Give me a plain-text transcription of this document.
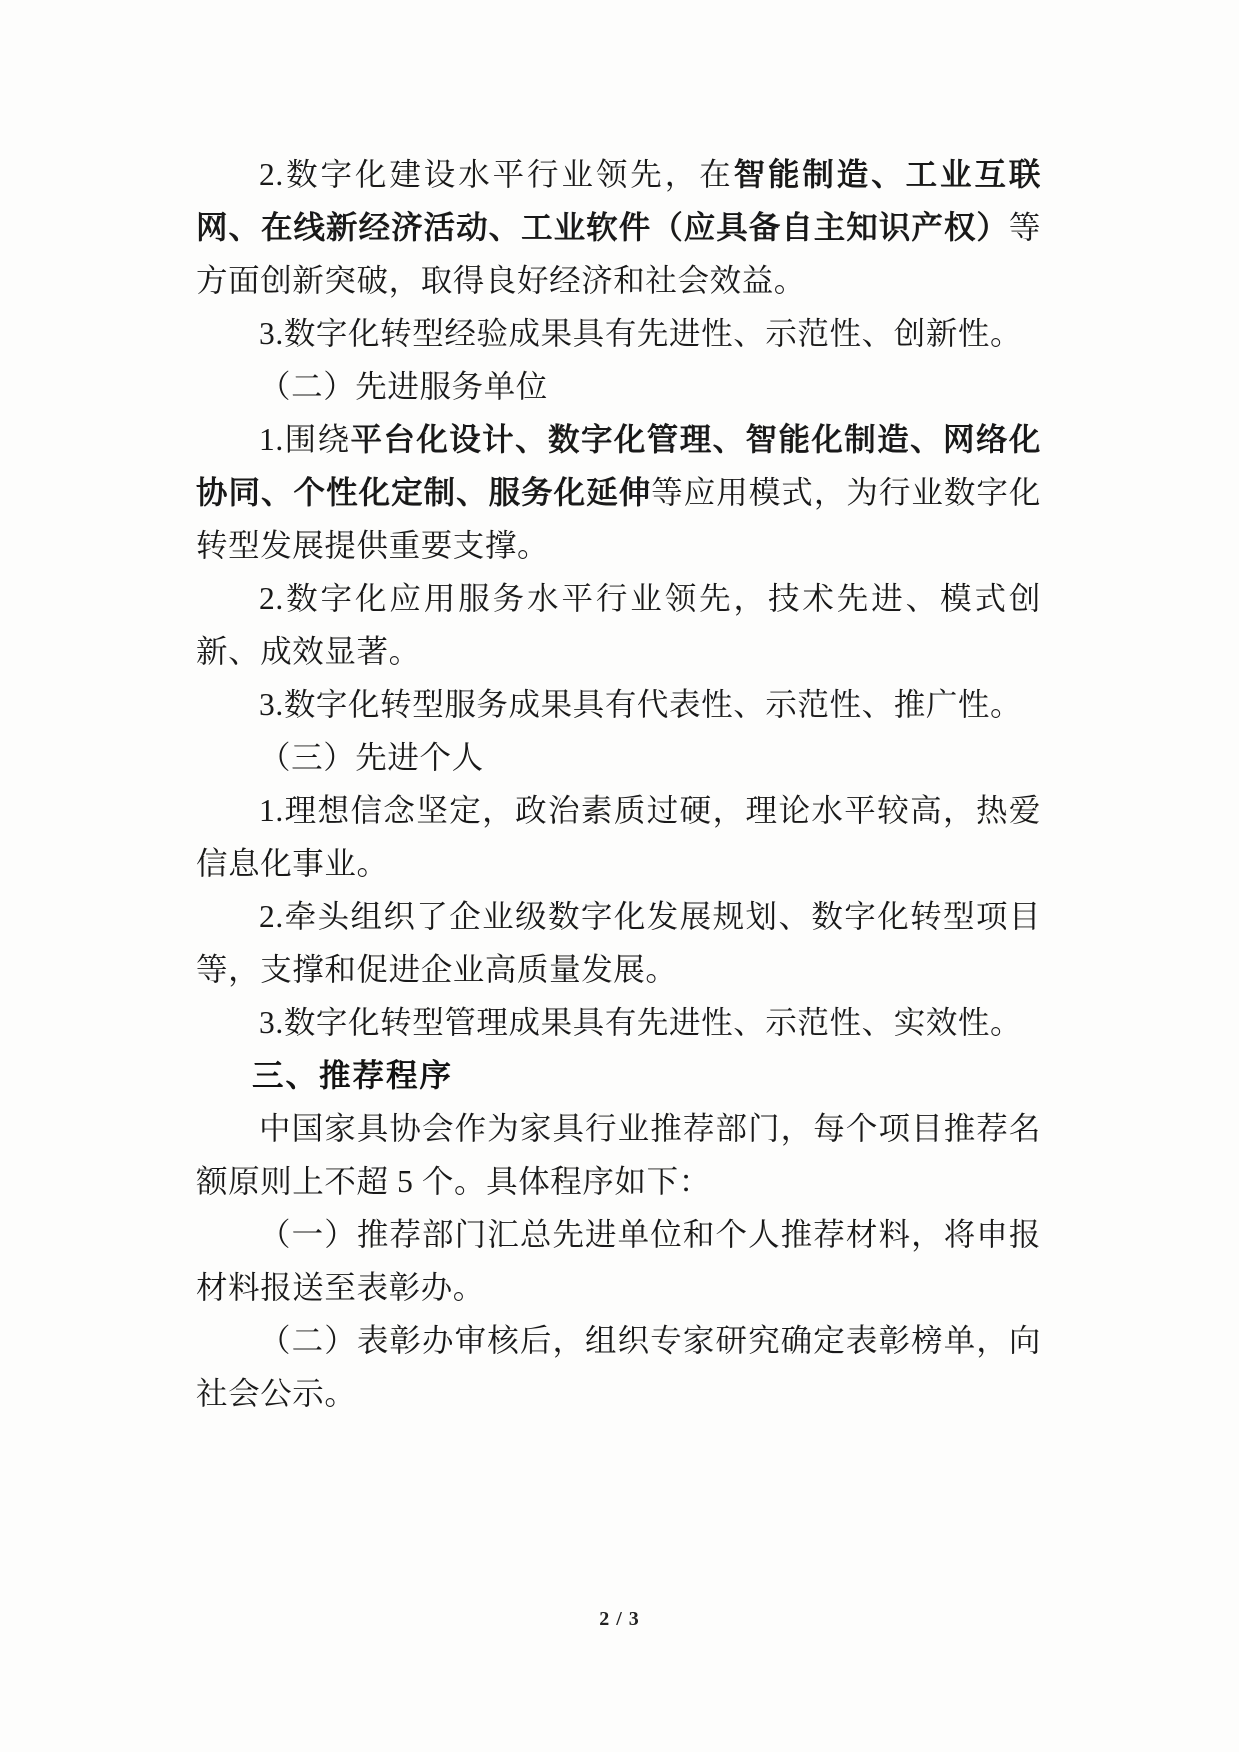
2.数字化建设水平行业领先，在智能制造、工业互联网、在线新经济活动、工业软件（应具备自主知识产权）等方面创新突破，取得良好经济和社会效益。

3.数字化转型经验成果具有先进性、示范性、创新性。

（二）先进服务单位

1.围绕平台化设计、数字化管理、智能化制造、网络化协同、个性化定制、服务化延伸等应用模式，为行业数字化转型发展提供重要支撑。

2.数字化应用服务水平行业领先，技术先进、模式创新、成效显著。

3.数字化转型服务成果具有代表性、示范性、推广性。

（三）先进个人

1.理想信念坚定，政治素质过硬，理论水平较高，热爱信息化事业。

2.牵头组织了企业级数字化发展规划、数字化转型项目等，支撑和促进企业高质量发展。

3.数字化转型管理成果具有先进性、示范性、实效性。

三、推荐程序

中国家具协会作为家具行业推荐部门，每个项目推荐名额原则上不超 5 个。具体程序如下：

（一）推荐部门汇总先进单位和个人推荐材料，将申报材料报送至表彰办。

（二）表彰办审核后，组织专家研究确定表彰榜单，向社会公示。

2 / 3
